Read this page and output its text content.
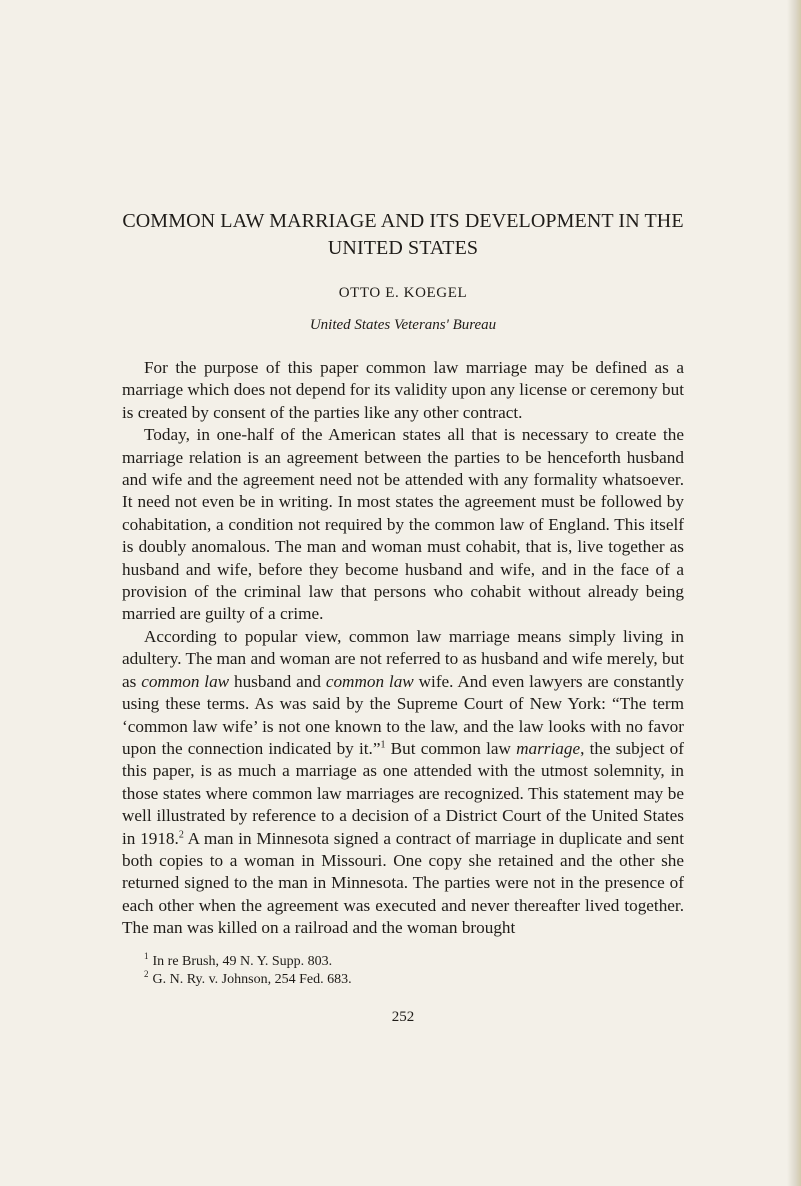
COMMON LAW MARRIAGE AND ITS DEVELOPMENT IN THE UNITED STATES
OTTO E. KOEGEL
United States Veterans' Bureau

For the purpose of this paper common law marriage may be defined as a marriage which does not depend for its validity upon any license or ceremony but is created by consent of the parties like any other contract.

Today, in one-half of the American states all that is necessary to create the marriage relation is an agreement between the parties to be henceforth husband and wife and the agreement need not be attended with any formality whatsoever. It need not even be in writing. In most states the agreement must be followed by cohabitation, a condition not required by the common law of England. This itself is doubly anomalous. The man and woman must cohabit, that is, live together as husband and wife, before they become husband and wife, and in the face of a provision of the criminal law that persons who cohabit without already being married are guilty of a crime.

According to popular view, common law marriage means simply living in adultery. The man and woman are not referred to as husband and wife merely, but as common law husband and common law wife. And even lawyers are constantly using these terms. As was said by the Supreme Court of New York: “The term ‘common law wife’ is not one known to the law, and the law looks with no favor upon the connection indicated by it.”$^1$ But common law marriage, the subject of this paper, is as much a marriage as one attended with the utmost solemnity, in those states where common law marriages are recognized. This statement may be well illustrated by reference to a decision of a District Court of the United States in 1918.$^2$ A man in Minnesota signed a contract of marriage in duplicate and sent both copies to a woman in Missouri. One copy she retained and the other she returned signed to the man in Minnesota. The parties were not in the presence of each other when the agreement was executed and never thereafter lived together. The man was killed on a railroad and the woman brought

$^1$ In re Brush, 49 N. Y. Supp. 803.
$^2$ G. N. Ry. v. Johnson, 254 Fed. 683.
252
